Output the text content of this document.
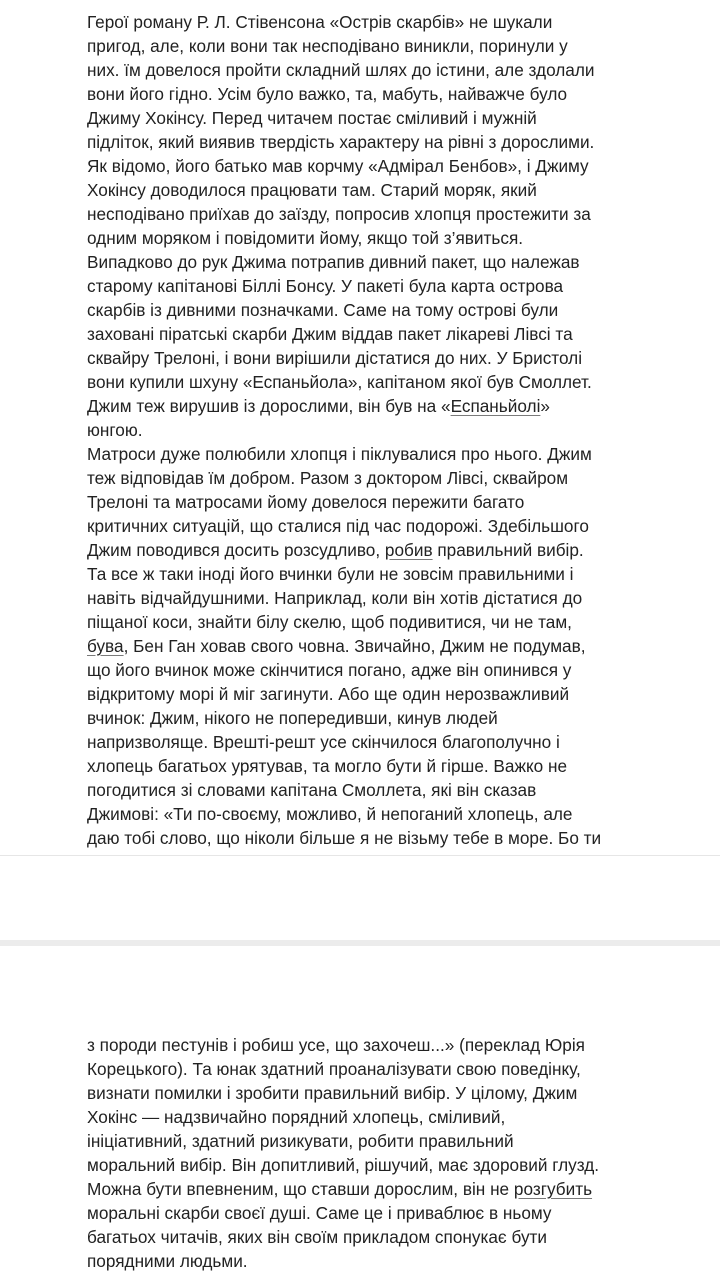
Герої роману Р. Л. Стівенсона «Острів скарбів» не шукали
пригод, але, коли вони так несподівано виникли, поринули у
них. їм довелося пройти складний шлях до істини, але здолали
вони його гідно. Усім було важко, та, мабуть, найважче було
Джиму Хокінсу. Перед читачем постає сміливий і мужній
підліток, який виявив твердість характеру на рівні з дорослими.
Як відомо, його батько мав корчму «Адмірал Бенбов», і Джиму
Хокінсу доводилося працювати там. Старий моряк, який
несподівано приїхав до заїзду, попросив хлопця простежити за
одним моряком і повідомити йому, якщо той з’явиться.
Випадково до рук Джима потрапив дивний пакет, що належав
старому капітанові Біллі Бонсу. У пакеті була карта острова
скарбів із дивними позначками. Саме на тому острові були
заховані піратські скарби Джим віддав пакет лікареві Лівсі та
сквайру Трелоні, і вони вирішили дістатися до них. У Бристолі
вони купили шхуну «Еспаньйола», капітаном якої був Смоллет.
Джим теж вирушив із дорослими, він був на «Еспаньйолі»
юнгою.
Матроси дуже полюбили хлопця і піклувалися про нього. Джим
теж відповідав їм добром. Разом з доктором Лівсі, сквайром
Трелоні та матросами йому довелося пережити багато
критичних ситуацій, що сталися під час подорожі. Здебільшого
Джим поводився досить розсудливо, робив правильний вибір.
Та все ж таки іноді його вчинки були не зовсім правильними і
навіть відчайдушними. Наприклад, коли він хотів дістатися до
піщаної коси, знайти білу скелю, щоб подивитися, чи не там,
бува, Бен Ган ховав свого човна. Звичайно, Джим не подумав,
що його вчинок може скінчитися погано, адже він опинився у
відкритому морі й міг загинути. Або ще один нерозважливий
вчинок: Джим, нікого не попередивши, кинув людей
напризволяще. Врешті-решт усе скінчилося благополучно і
хлопець багатьох урятував, та могло бути й гірше. Важко не
погодитися зі словами капітана Смоллета, які він сказав
Джимові: «Ти по-своєму, можливо, й непоганий хлопець, але
даю тобі слово, що ніколи більше я не візьму тебе в море. Бо ти
з породи пестунів і робиш усе, що захочеш...» (переклад Юрія
Корецького). Та юнак здатний проаналізувати свою поведінку,
визнати помилки і зробити правильний вибір. У цілому, Джим
Хокінс — надзвичайно порядний хлопець, сміливий,
ініціативний, здатний ризикувати, робити правильний
моральний вибір. Він допитливий, рішучий, має здоровий глузд.
Можна бути впевненим, що ставши дорослим, він не розгубить
моральні скарби своєї душі. Саме це і приваблює в ньому
багатьох читачів, яких він своїм прикладом спонукає бути
порядними людьми.
